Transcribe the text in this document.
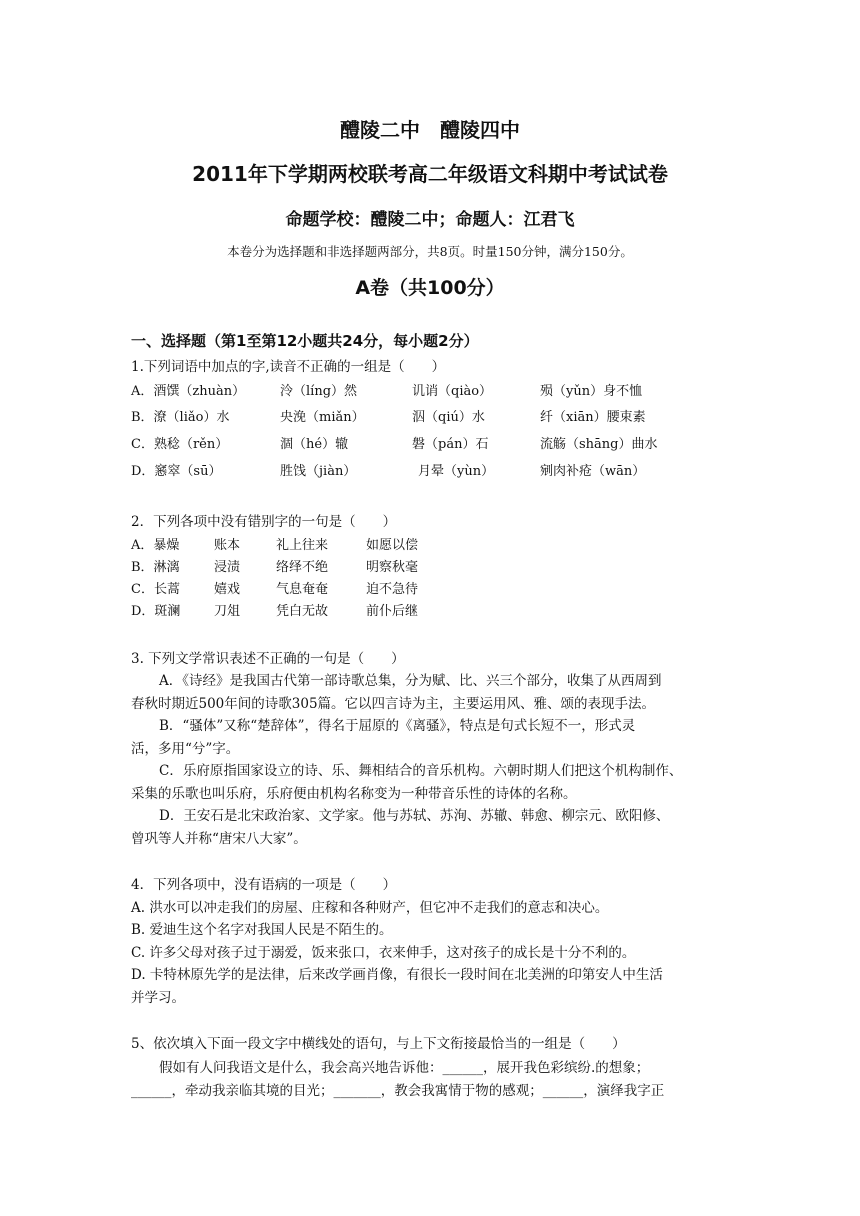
醴陵二中　醴陵四中
2011年下学期两校联考高二年级语文科期中考试试卷
命题学校：醴陵二中；命题人：江君飞
本卷分为选择题和非选择题两部分，共8页。时量150分钟，满分150分。
A卷（共100分）
一、选择题（第1至第12小题共24分，每小题2分）
1.下列词语中加点的字,读音不正确的一组是（　　）
A．酒馔（zhuàn）	泠（líng）然	讥诮（qiào）	殒（yǔn）身不恤
B．潦（liǎo）水	央浼（miǎn）	泅（qiú）水	纤（xiān）腰束素
C．熟稔（rěn）	涸（hé）辙	磐（pán）石	流觞（shāng）曲水
D．窸窣（sū）	胜饯（jiàn）	月晕（yùn）	剜肉补疮（wān）
2．下列各项中没有错别字的一句是（　　）
A．暴燥	账本	礼上往来	如愿以偿
B．淋漓	浸渍	络绎不绝	明察秋毫
C．长蒿	嬉戏	气息奄奄	迫不急待
D．斑澜	刀俎	凭白无故	前仆后继
3. 下列文学常识表述不正确的一句是（　　）
A．《诗经》是我国古代第一部诗歌总集，分为赋、比、兴三个部分，收集了从西周到
春秋时期近500年间的诗歌305篇。它以四言诗为主，主要运用风、雅、颂的表现手法。
B．“骚体”又称“楚辞体”，得名于屈原的《离骚》，特点是句式长短不一，形式灵
活，多用“兮”字。
C．乐府原指国家设立的诗、乐、舞相结合的音乐机构。六朝时期人们把这个机构制作、
采集的乐歌也叫乐府，乐府便由机构名称变为一种带音乐性的诗体的名称。
D．王安石是北宋政治家、文学家。他与苏轼、苏洵、苏辙、韩愈、柳宗元、欧阳修、
曾巩等人并称“唐宋八大家”。
4．下列各项中，没有语病的一项是（　　）
A. 洪水可以冲走我们的房屋、庄稼和各种财产，但它冲不走我们的意志和决心。
B. 爱迪生这个名字对我国人民是不陌生的。
C. 许多父母对孩子过于溺爱，饭来张口，衣来伸手，这对孩子的成长是十分不利的。
D. 卡特林原先学的是法律，后来改学画肖像，有很长一段时间在北美洲的印第安人中生活
并学习。
5、依次填入下面一段文字中横线处的语句，与上下文衔接最恰当的一组是（　　）
假如有人问我语文是什么，我会高兴地告诉他：______，展开我色彩缤纷.的想象；
______，牵动我亲临其境的目光；_______，教会我寓情于物的感观；______，演绎我字正
